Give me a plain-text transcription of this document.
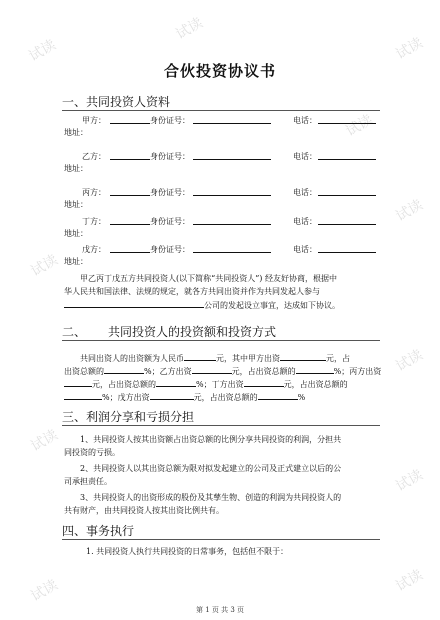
试读
试读
试读
试读
试读
试读
试读
试读
试读
试读	试读
合伙投资协议书
一、共同投资人资料
甲方：	身份证号：	电话：
地址：
乙方：	身份证号：	电话：
地址：
丙方：	身份证号：	电话：
地址：
丁方：	身份证号：	电话：
地址：
戊方：	身份证号：	电话：
地址：
甲乙丙丁戊五方共同投资人(以下简称“共同投资人”) 经友好协商，根据中
华人民共和国法律、法规的规定，就各方共同出资并作为共同发起人参与
公司的发起设立事宜，达成如下协议。
二、 共同投资人的投资额和投资方式
共同出资人的出资额为人民币	元，其中甲方出资	元，占
出资总额的	%；乙方出资	元，占出资总额的	%；丙方出资
元，占出资总额的	%；丁方出资	元，占出资总额的
%；戊方出资	元，占出资总额的	%
三、利润分享和亏损分担
1、共同投资人按其出资额占出资总额的比例分享共同投资的利润，分担共
同投资的亏损。
2、共同投资人以其出资总额为限对拟发起建立的公司及正式建立以后的公
司承担责任。
3、共同投资人的出资形成的股份及其孳生物、创造的利润为共同投资人的
共有财产，由共同投资人按其出资比例共有。
四、事务执行
1. 共同投资人执行共同投资的日常事务，包括但不限于：
第 1 页 共 3 页
